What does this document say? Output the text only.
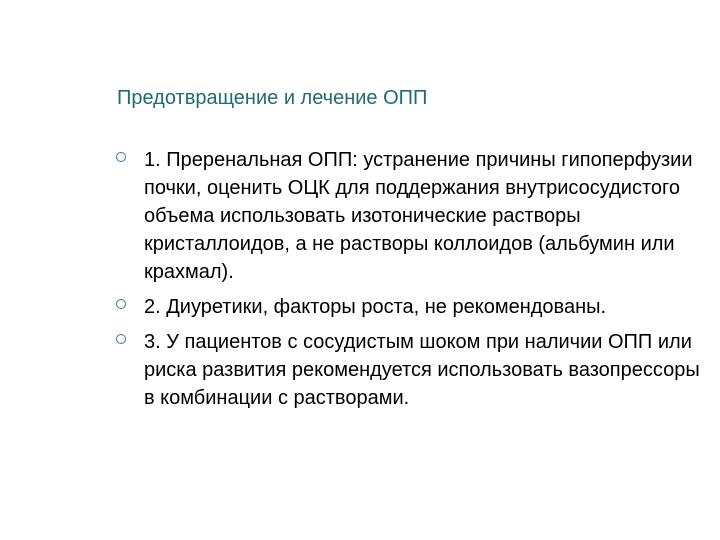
Предотвращение и лечение ОПП
1. Преренальная ОПП: устранение причины гипоперфузии почки, оценить ОЦК для поддержания внутрисосудистого объема использовать изотонические растворы кристаллоидов, а не растворы коллоидов (альбумин или крахмал).
2. Диуретики, факторы роста, не рекомендованы.
3. У пациентов с сосудистым шоком при наличии ОПП или риска развития рекомендуется использовать вазопрессоры в комбинации с растворами.
